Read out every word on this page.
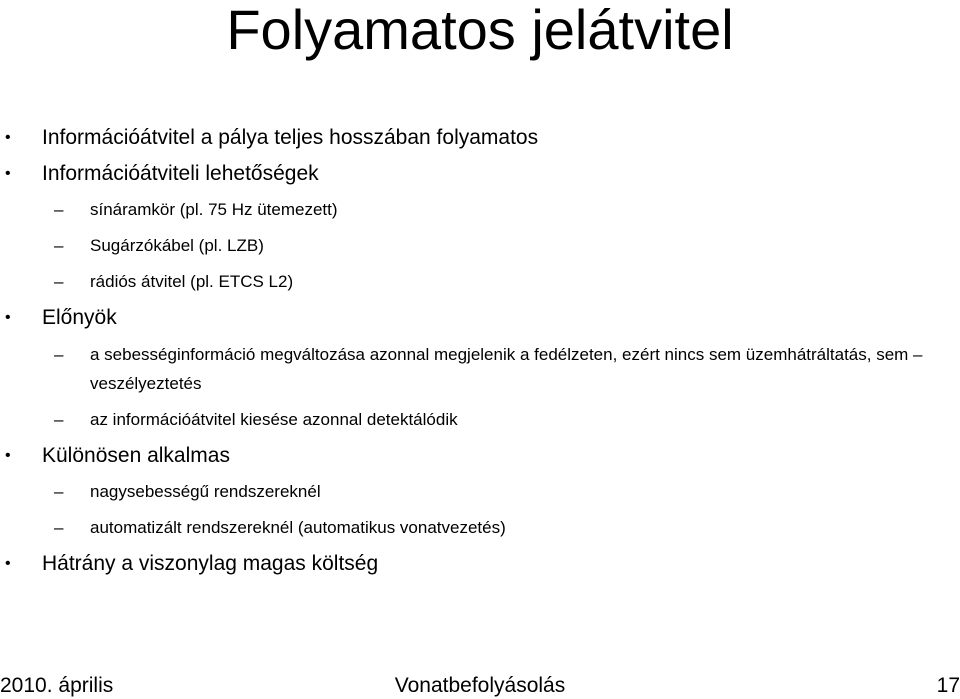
Folyamatos jelátvitel
• Információátvitel a pálya teljes hosszában folyamatos
• Információátviteli lehetőségek
– sínáramkör (pl. 75 Hz ütemezett)
– Sugárzókábel (pl. LZB)
– rádiós átvitel (pl. ETCS L2)
• Előnyök
– a sebességinformáció megváltozása azonnal megjelenik a fedélzeten, ezért nincs sem üzemhátráltatás, sem –veszélyeztetés
– az információátvitel kiesése azonnal detektálódik
• Különösen alkalmas
– nagysebességű rendszereknél
– automatizált rendszereknél (automatikus vonatvezetés)
• Hátrány a viszonylag magas költség
Vonatbefolyásolás
2010. április	17
